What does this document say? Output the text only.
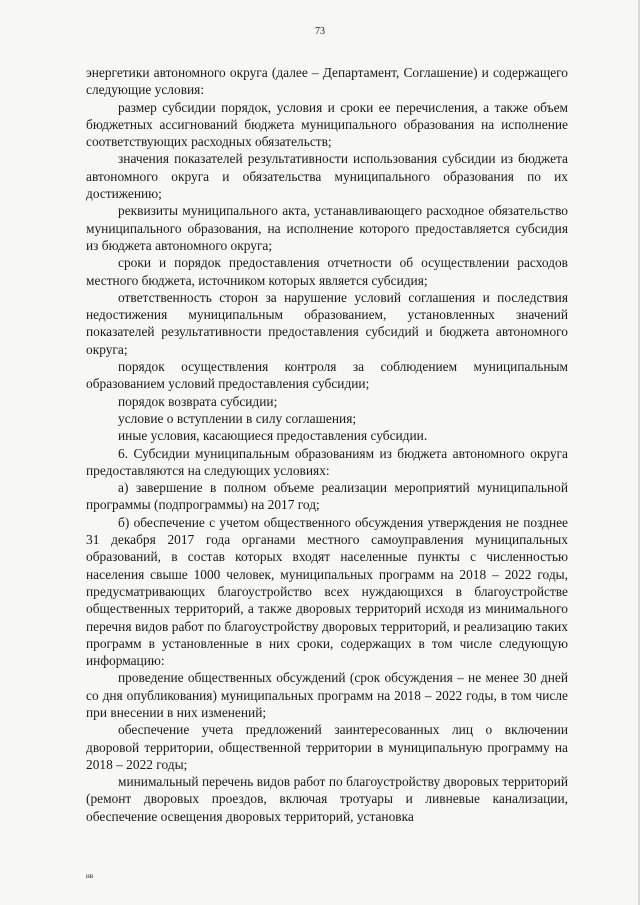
73

энергетики автономного округа (далее – Департамент, Соглашение) и содержащего следующие условия:

размер субсидии порядок, условия и сроки ее перечисления, а также объем бюджетных ассигнований бюджета муниципального образования на исполнение соответствующих расходных обязательств;

значения показателей результативности использования субсидии из бюджета автономного округа и обязательства муниципального образования по их достижению;

реквизиты муниципального акта, устанавливающего расходное обязательство муниципального образования, на исполнение которого предоставляется субсидия из бюджета автономного округа;

сроки и порядок предоставления отчетности об осуществлении расходов местного бюджета, источником которых является субсидия;

ответственность сторон за нарушение условий соглашения и последствия недостижения муниципальным образованием, установленных значений показателей результативности предоставления субсидий и бюджета автономного округа;

порядок осуществления контроля за соблюдением муниципальным образованием условий предоставления субсидии;

порядок возврата субсидии;

условие о вступлении в силу соглашения;

иные условия, касающиеся предоставления субсидии.

6. Субсидии муниципальным образованиям из бюджета автономного округа предоставляются на следующих условиях:

а) завершение в полном объеме реализации мероприятий муниципальной программы (подпрограммы) на 2017 год;

б) обеспечение с учетом общественного обсуждения утверждения не позднее 31 декабря 2017 года органами местного самоуправления муниципальных образований, в состав которых входят населенные пункты с численностью населения свыше 1000 человек, муниципальных программ на 2018 – 2022 годы, предусматривающих благоустройство всех нуждающихся в благоустройстве общественных территорий, а также дворовых территорий исходя из минимального перечня видов работ по благоустройству дворовых территорий, и реализацию таких программ в установленные в них сроки, содержащих в том числе следующую информацию:

проведение общественных обсуждений (срок обсуждения – не менее 30 дней со дня опубликования) муниципальных программ на 2018 – 2022 годы, в том числе при внесении в них изменений;

обеспечение учета предложений заинтересованных лиц о включении дворовой территории, общественной территории в муниципальную программу на 2018 – 2022 годы;

минимальный перечень видов работ по благоустройству дворовых территорий (ремонт дворовых проездов, включая тротуары и ливневые канализации, обеспечение освещения дворовых территорий, установка

нв
